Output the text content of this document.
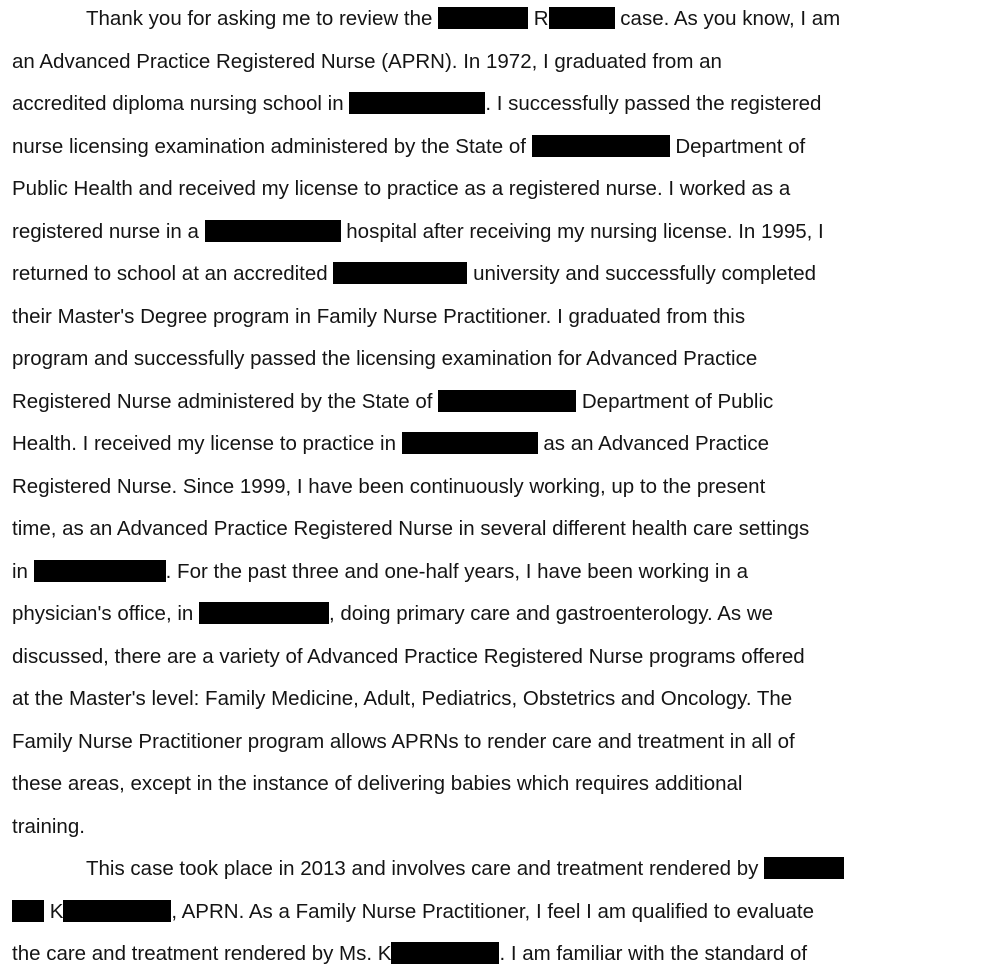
Thank you for asking me to review the	R	case. As you know, I am
an Advanced Practice Registered Nurse (APRN). In 1972, I graduated from an
accredited diploma nursing school in	. I successfully passed the registered
nurse licensing examination administered by the State of	Department of
Public Health and received my license to practice as a registered nurse. I worked as a
registered nurse in a	hospital after receiving my nursing license. In 1995, I
returned to school at an accredited	university and successfully completed
their Master's Degree program in Family Nurse Practitioner. I graduated from this
program and successfully passed the licensing examination for Advanced Practice
Registered Nurse administered by the State of	Department of Public
Health. I received my license to practice in	as an Advanced Practice
Registered Nurse. Since 1999, I have been continuously working, up to the present
time, as an Advanced Practice Registered Nurse in several different health care settings
in	. For the past three and one-half years, I have been working in a
physician's office, in	, doing primary care and gastroenterology. As we
discussed, there are a variety of Advanced Practice Registered Nurse programs offered
at the Master's level: Family Medicine, Adult, Pediatrics, Obstetrics and Oncology. The
Family Nurse Practitioner program allows APRNs to render care and treatment in all of
these areas, except in the instance of delivering babies which requires additional
training.
This case took place in 2013 and involves care and treatment rendered by
K	, APRN. As a Family Nurse Practitioner, I feel I am qualified to evaluate
the care and treatment rendered by Ms. K	. I am familiar with the standard of
